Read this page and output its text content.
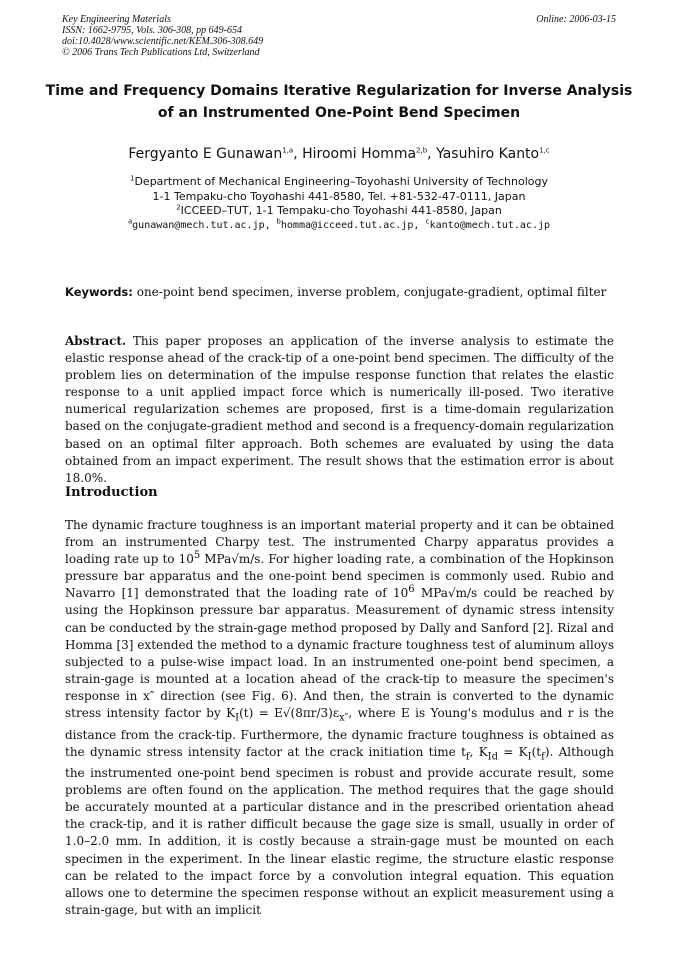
Key Engineering Materials
ISSN: 1662-9795, Vols. 306-308, pp 649-654
doi:10.4028/www.scientific.net/KEM.306-308.649
© 2006 Trans Tech Publications Ltd, Switzerland
Online: 2006-03-15
Time and Frequency Domains Iterative Regularization for Inverse Analysis of an Instrumented One-Point Bend Specimen
Fergyanto E Gunawan$^{1,a}$, Hiroomi Homma$^{2,b}$, Yasuhiro Kanto$^{1,c}$
$^1$Department of Mechanical Engineering–Toyohashi University of Technology
1-1 Tempaku-cho Toyohashi 441-8580, Tel. +81-532-47-0111, Japan
$^2$ICCEED–TUT, 1-1 Tempaku-cho Toyohashi 441-8580, Japan
$^a$gunawan@mech.tut.ac.jp, $^b$homma@icceed.tut.ac.jp, $^c$kanto@mech.tut.ac.jp
Keywords: one-point bend specimen, inverse problem, conjugate-gradient, optimal filter
Abstract. This paper proposes an application of the inverse analysis to estimate the elastic response ahead of the crack-tip of a one-point bend specimen. The difficulty of the problem lies on determination of the impulse response function that relates the elastic response to a unit applied impact force which is numerically ill-posed. Two iterative numerical regularization schemes are proposed, first is a time-domain regularization based on the conjugate-gradient method and second is a frequency-domain regularization based on an optimal filter approach. Both schemes are evaluated by using the data obtained from an impact experiment. The result shows that the estimation error is about 18.0%.
Introduction
The dynamic fracture toughness is an important material property and it can be obtained from an instrumented Charpy test. The instrumented Charpy apparatus provides a loading rate up to $10^5$ MPa√m/s. For higher loading rate, a combination of the Hopkinson pressure bar apparatus and the one-point bend specimen is commonly used. Rubio and Navarro [1] demonstrated that the loading rate of $10^6$ MPa√m/s could be reached by using the Hopkinson pressure bar apparatus. Measurement of dynamic stress intensity can be conducted by the strain-gage method proposed by Dally and Sanford [2]. Rizal and Homma [3] extended the method to a dynamic fracture toughness test of aluminum alloys subjected to a pulse-wise impact load. In an instrumented one-point bend specimen, a strain-gage is mounted at a location ahead of the crack-tip to measure the specimen's response in x″ direction (see Fig. 6). And then, the strain is converted to the dynamic stress intensity factor by $K_I(t) = E√(8\pi r/3)\varepsilon_{x''}$, where E is Young's modulus and r is the distance from the crack-tip. Furthermore, the dynamic fracture toughness is obtained as the dynamic stress intensity factor at the crack initiation time $t_f$, $K_{Id} = K_I(t_f)$. Although the instrumented one-point bend specimen is robust and provide accurate result, some problems are often found on the application. The method requires that the gage should be accurately mounted at a particular distance and in the prescribed orientation ahead the crack-tip, and it is rather difficult because the gage size is small, usually in order of 1.0–2.0 mm. In addition, it is costly because a strain-gage must be mounted on each specimen in the experiment. In the linear elastic regime, the structure elastic response can be related to the impact force by a convolution integral equation. This equation allows one to determine the specimen response without an explicit measurement using a strain-gage, but with an implicit
